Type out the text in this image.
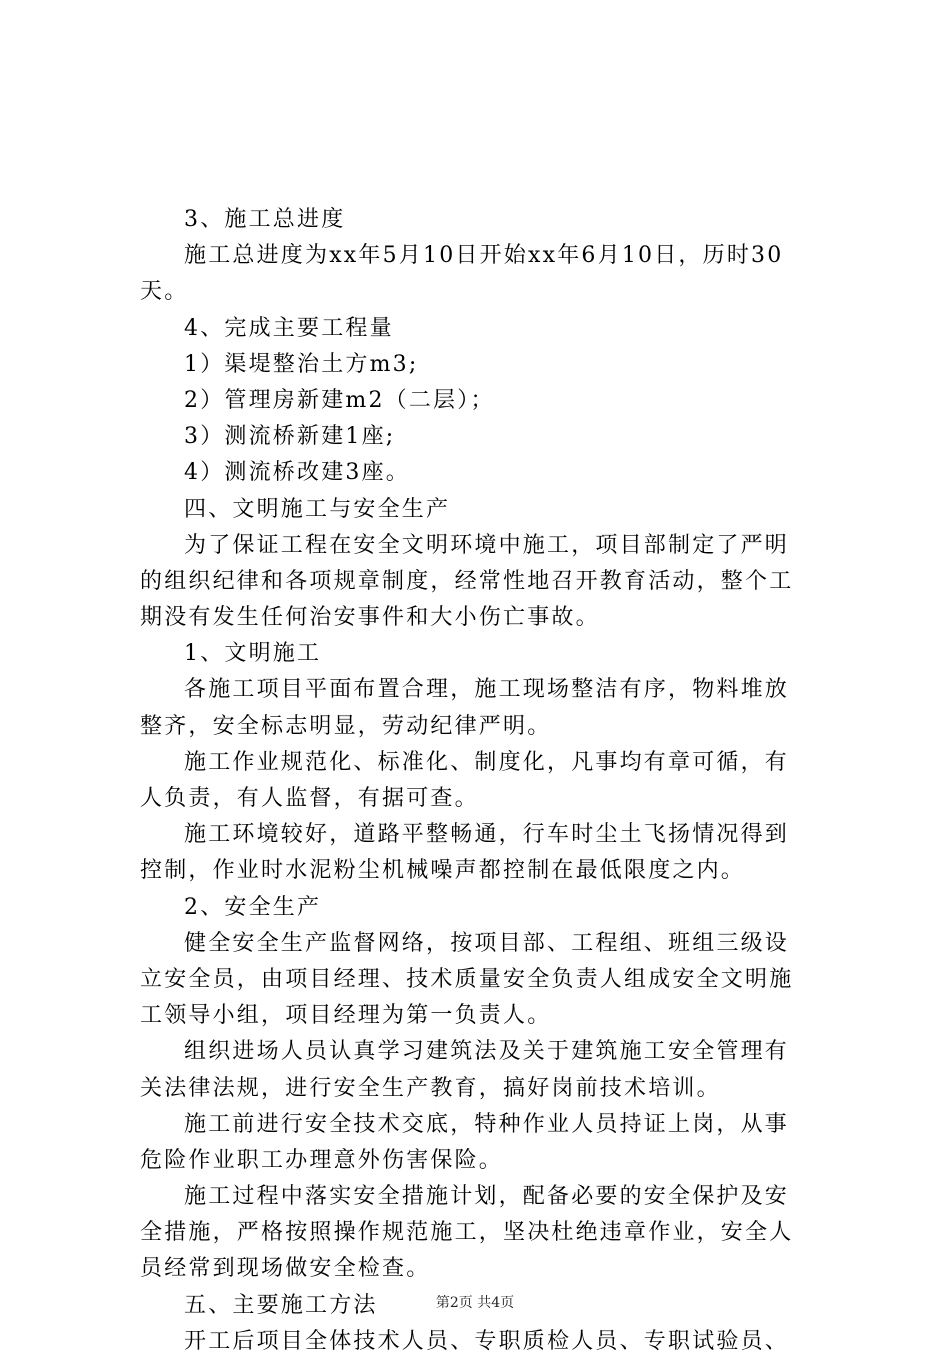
3、施工总进度
施工总进度为xx年5月10日开始xx年6月10日，历时30
天。
4、完成主要工程量
1）渠堤整治土方m3;
2）管理房新建m2（二层）；
3）测流桥新建1座;
4）测流桥改建3座。
四、文明施工与安全生产
为了保证工程在安全文明环境中施工，项目部制定了严明
的组织纪律和各项规章制度，经常性地召开教育活动，整个工
期没有发生任何治安事件和大小伤亡事故。
1、文明施工
各施工项目平面布置合理，施工现场整洁有序，物料堆放
整齐，安全标志明显，劳动纪律严明。
施工作业规范化、标准化、制度化，凡事均有章可循，有
人负责，有人监督，有据可查。
施工环境较好，道路平整畅通，行车时尘土飞扬情况得到
控制，作业时水泥粉尘机械噪声都控制在最低限度之内。
2、安全生产
健全安全生产监督网络，按项目部、工程组、班组三级设
立安全员，由项目经理、技术质量安全负责人组成安全文明施
工领导小组，项目经理为第一负责人。
组织进场人员认真学习建筑法及关于建筑施工安全管理有
关法律法规，进行安全生产教育，搞好岗前技术培训。
施工前进行安全技术交底，特种作业人员持证上岗，从事
危险作业职工办理意外伤害保险。
施工过程中落实安全措施计划，配备必要的安全保护及安
全措施，严格按照操作规范施工，坚决杜绝违章作业，安全人
员经常到现场做安全检查。
五、主要施工方法
开工后项目全体技术人员、专职质检人员、专职试验员、
第2页 共4页
